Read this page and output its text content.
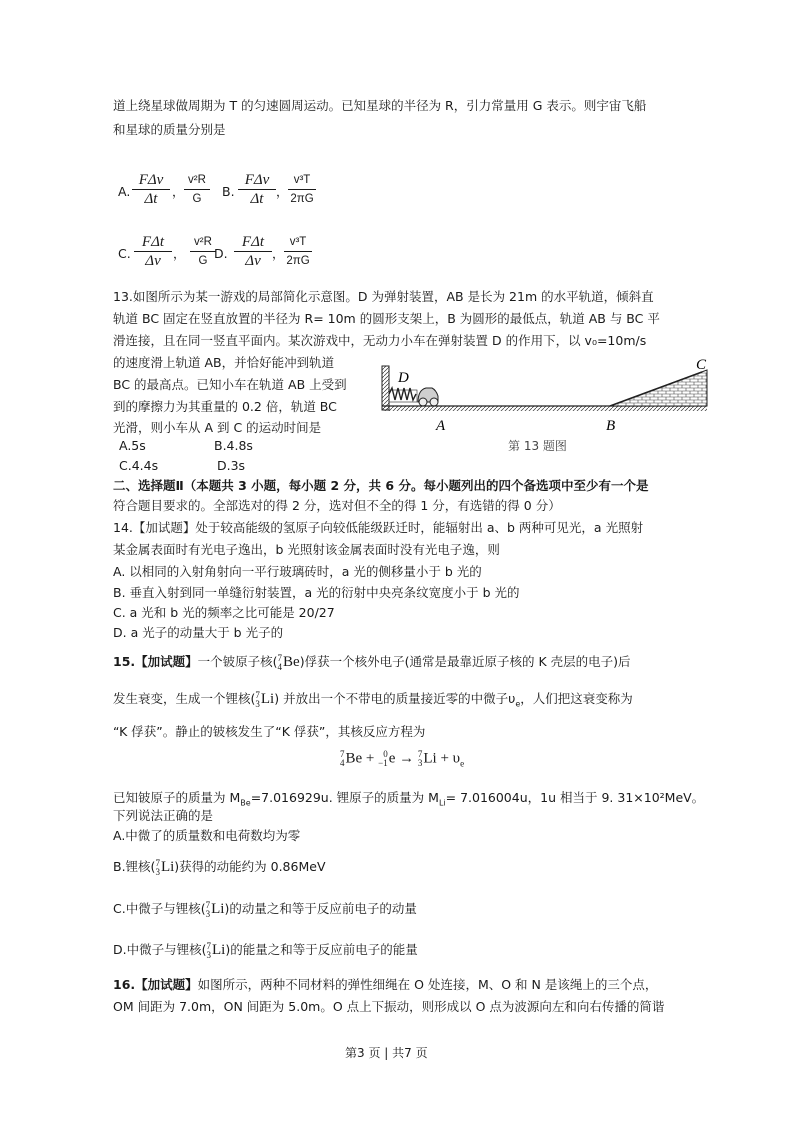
道上绕星球做周期为 T 的匀速圆周运动。已知星球的半径为 R，引力常量用 G 表示。则宇宙飞船
和星球的质量分别是
A.
FΔv
Δt	，
v²R
G	B.
FΔv
Δt	，
v³T
2πG
C.
FΔt
Δv ，
v²R
G D.
FΔt
Δv ，
v³T
2πG
13.如图所示为某一游戏的局部简化示意图。D 为弹射装置，AB 是长为 21m 的水平轨道，倾斜直
轨道 BC 固定在竖直放置的半径为 R= 10m 的圆形支架上，B 为圆形的最低点，轨道 AB 与 BC 平
滑连接，且在同一竖直平面内。某次游戏中，无动力小车在弹射装置 D 的作用下，以 v₀=10m/s
的速度滑上轨道 AB，并恰好能冲到轨道
BC 的最高点。已知小车在轨道 AB 上受到
到的摩擦力为其重量的 0.2 倍，轨道 BC
光滑，则小车从 A 到 C 的运动时间是
A.5s	B.4.8s
C.4.4s	D.3s
D
A	B
C
第 13 题图
二、选择题Ⅱ（本题共 3 小题，每小题 2 分，共 6 分。每小题列出的四个备选项中至少有一个是
符合题目要求的。全部选对的得 2 分，选对但不全的得 1 分，有选错的得 0 分）
14.【加试题】处于较高能级的氢原子向较低能级跃迁时，能辐射出 a、b 两种可见光，a 光照射
某金属表面时有光电子逸出，b 光照射该金属表面时没有光电子逸，则
A. 以相同的入射角射向一平行玻璃砖时，a 光的侧移量小于 b 光的
B. 垂直入射到同一单缝衍射装置，a 光的衍射中央亮条纹宽度小于 b 光的
C. a 光和 b 光的频率之比可能是 20/27
D. a 光子的动量大于 b 光子的
15.【加试题】一个铍原子核( 7
4 Be)俘获一个核外电子(通常是最靠近原子核的 K 壳层的电子)后
发生衰变，生成一个锂核( 7
3 Li) 并放出一个不带电的质量接近零的中微子$\upsilon_e$，人们把这衰变称为
“K 俘获”。静止的铍核发生了“K 俘获”，其核反应方程为
7
4 Be + 0
−1 e → 7
3 $Li + \upsilon_e$
已知铍原子的质量为 $M_{Be}=7.016929u$. 锂原子的质量为 $M_{Li}= 7.016004u$，1u 相当于 9. 31×10²MeV。
下列说法正确的是
A.中微了的质量数和电荷数均为零
B.锂核( 7
3 Li)获得的动能约为 0.86MeV
C.中微子与锂核( 7
3 Li)的动量之和等于反应前电子的动量
D.中微子与锂核( 7
3 Li)的能量之和等于反应前电子的能量
16.【加试题】如图所示，两种不同材料的弹性细绳在 O 处连接，M、O 和 N 是该绳上的三个点，
OM 间距为 7.0m，ON 间距为 5.0m。O 点上下振动，则形成以 O 点为波源向左和向右传播的简谐
第3 页 | 共7 页
